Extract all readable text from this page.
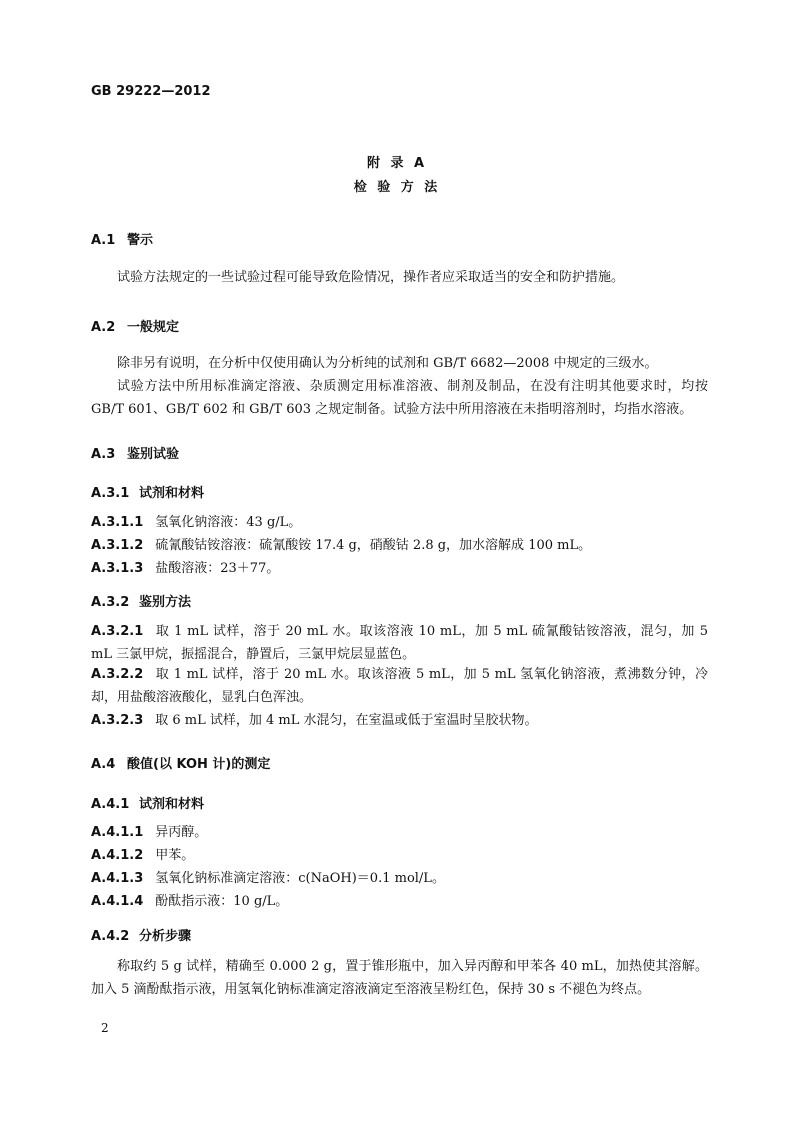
GB 29222—2012
附 录 A
检 验 方 法
A.1 警示
试验方法规定的一些试验过程可能导致危险情况，操作者应采取适当的安全和防护措施。
A.2 一般规定
除非另有说明，在分析中仅使用确认为分析纯的试剂和 GB/T 6682—2008 中规定的三级水。
试验方法中所用标准滴定溶液、杂质测定用标准溶液、制剂及制品，在没有注明其他要求时，均按 GB/T 601、GB/T 602 和 GB/T 603 之规定制备。试验方法中所用溶液在未指明溶剂时，均指水溶液。
A.3 鉴别试验
A.3.1 试剂和材料
A.3.1.1 氢氧化钠溶液：43 g/L。
A.3.1.2 硫氰酸钴铵溶液：硫氰酸铵 17.4 g，硝酸钴 2.8 g，加水溶解成 100 mL。
A.3.1.3 盐酸溶液：23＋77。
A.3.2 鉴别方法
A.3.2.1 取 1 mL 试样，溶于 20 mL 水。取该溶液 10 mL，加 5 mL 硫氰酸钴铵溶液，混匀，加 5 mL 三氯甲烷，振摇混合，静置后，三氯甲烷层显蓝色。
A.3.2.2 取 1 mL 试样，溶于 20 mL 水。取该溶液 5 mL，加 5 mL 氢氧化钠溶液，煮沸数分钟，冷却，用盐酸溶液酸化，显乳白色浑浊。
A.3.2.3 取 6 mL 试样，加 4 mL 水混匀，在室温或低于室温时呈胶状物。
A.4 酸值(以 KOH 计)的测定
A.4.1 试剂和材料
A.4.1.1 异丙醇。
A.4.1.2 甲苯。
A.4.1.3 氢氧化钠标准滴定溶液：c(NaOH)＝0.1 mol/L。
A.4.1.4 酚酞指示液：10 g/L。
A.4.2 分析步骤
称取约 5 g 试样，精确至 0.000 2 g，置于锥形瓶中，加入异丙醇和甲苯各 40 mL，加热使其溶解。加入 5 滴酚酞指示液，用氢氧化钠标准滴定溶液滴定至溶液呈粉红色，保持 30 s 不褪色为终点。
2
